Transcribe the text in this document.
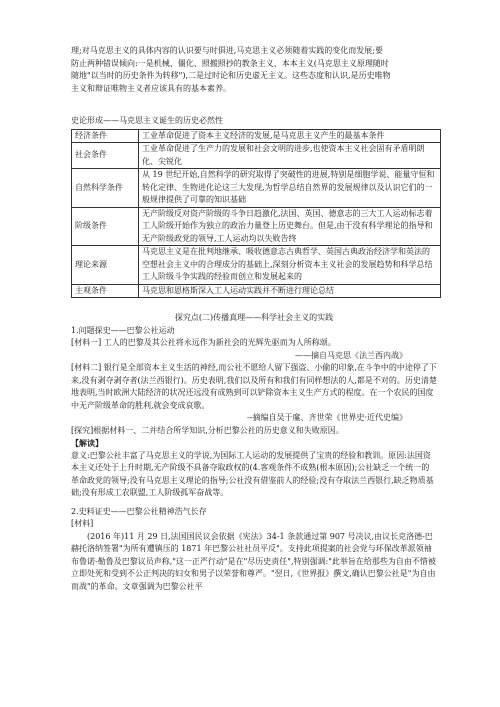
理;对马克思主义的具体内容的认识要与时俱进,马克思主义必须随着实践的变化而发展;要

防止两种错误倾向:一是机械、僵化、照搬照抄的教条主义、本本主义(马克思主义原理随时

随地"以当时的历史条件为转移"),二是过时论和历史虚无主义。这些态度和认识,是历史唯物

主义和辩证唯物主义者应该具有的基本素养。

史论形成——马克思主义诞生的历史必然性

经济条件	工业革命促进了资本主义经济的发展,是马克思主义产生的最基本条件
社会条件	工业革命促进了生产力的发展和社会文明的进步,也使资本主义社会固有矛盾明朗化、尖锐化
自然科学条件	从 19 世纪开始,自然科学的研究取得了突破性的进展,特别是细胞学说、能量守恒和转化定律、生物进化论这三大发现,为哲学总结自然界的发展规律以及认识它们的一般规律提供了可靠的知识基础
阶级条件	无产阶级反对资产阶级的斗争日趋激化,法国、英国、德意志的三大工人运动标志着工人阶级开始作为独立的政治力量登上历史舞台。但是,由于没有科学理论的指导和无产阶级政党的领导,工人运动均以失败告终
理论来源	马克思主义是在批判地继承、吸收德意志古典哲学、英国古典政治经济学和英法的空想社会主义中的合理成分的基础上,深刻分析资本主义社会的发展趋势和科学总结工人阶级斗争实践的经验而创立和发展起来的
主观条件	马克思和恩格斯深入工人运动实践并不断进行理论总结

探究点(二)传播真理——科学社会主义的实践

1.问题探史——巴黎公社运动

[材料一] 工人的巴黎及其公社将永远作为新社会的光辉先驱而为人所称颂。

——摘自马克思《法兰西内战》

[材料二] 银行是全部资本主义生活的神经,而公社不愿给人留下强盗、小偷的印象,在斗争中的中途停了下来,没有剥夺剥夺者(法兰西银行)。历史表明,我们以及所有和我们有同样想法的人,都是不对的。历史清楚地表明,当时欧洲大陆经济的状况还远没有成熟到可以铲除资本主义生产方式的程度。在一个农民的国度中无产阶级革命的胜利,就会变成哀歌。

--摘编自吴于廑、齐世荣《世界史·近代史编》

[探究]根据材料一、二并结合所学知识,分析巴黎公社的历史意义和失败原因。

【解读】

意义:巴黎公社丰富了马克思主义的学说,为国际工人运动的发展提供了宝贵的经验和教训。原因:法国资本主义还处于上升时期,无产阶级不具备夺取政权的(4.客观条件不成熟(根本原因);公社缺乏一个统一的革命政党的领导;没有马克思主义理论的指导;公社没有借鉴前人的经验;没有夺取法兰西银行,缺乏物质基础;没有形成工农联盟,工人阶级孤军奋战等。

2.史料证史——巴黎公社精神浩气长存

[材料]

(2016 年)11 月 29 日,法国国民议会依据《宪法》34-1 条款通过第 907 号决议,由议长克洛德-巴赫托洛纳签署"为所有遭镇压的 1871 年巴黎公社社员平反"。支持此项提案的社会党与环保改革派领袖布鲁诺-勒鲁及巴黎议员声称,"这一正严行动"是在"尽历史责任",特别强调:"此举旨在给那些为自由不惜被立即处死和受到不公正判决的妇女和男子以荣誉和尊严。"翌日,《世界报》撰文,确认巴黎公社是"为自由而战"的革命。文章强调为巴黎公社平
